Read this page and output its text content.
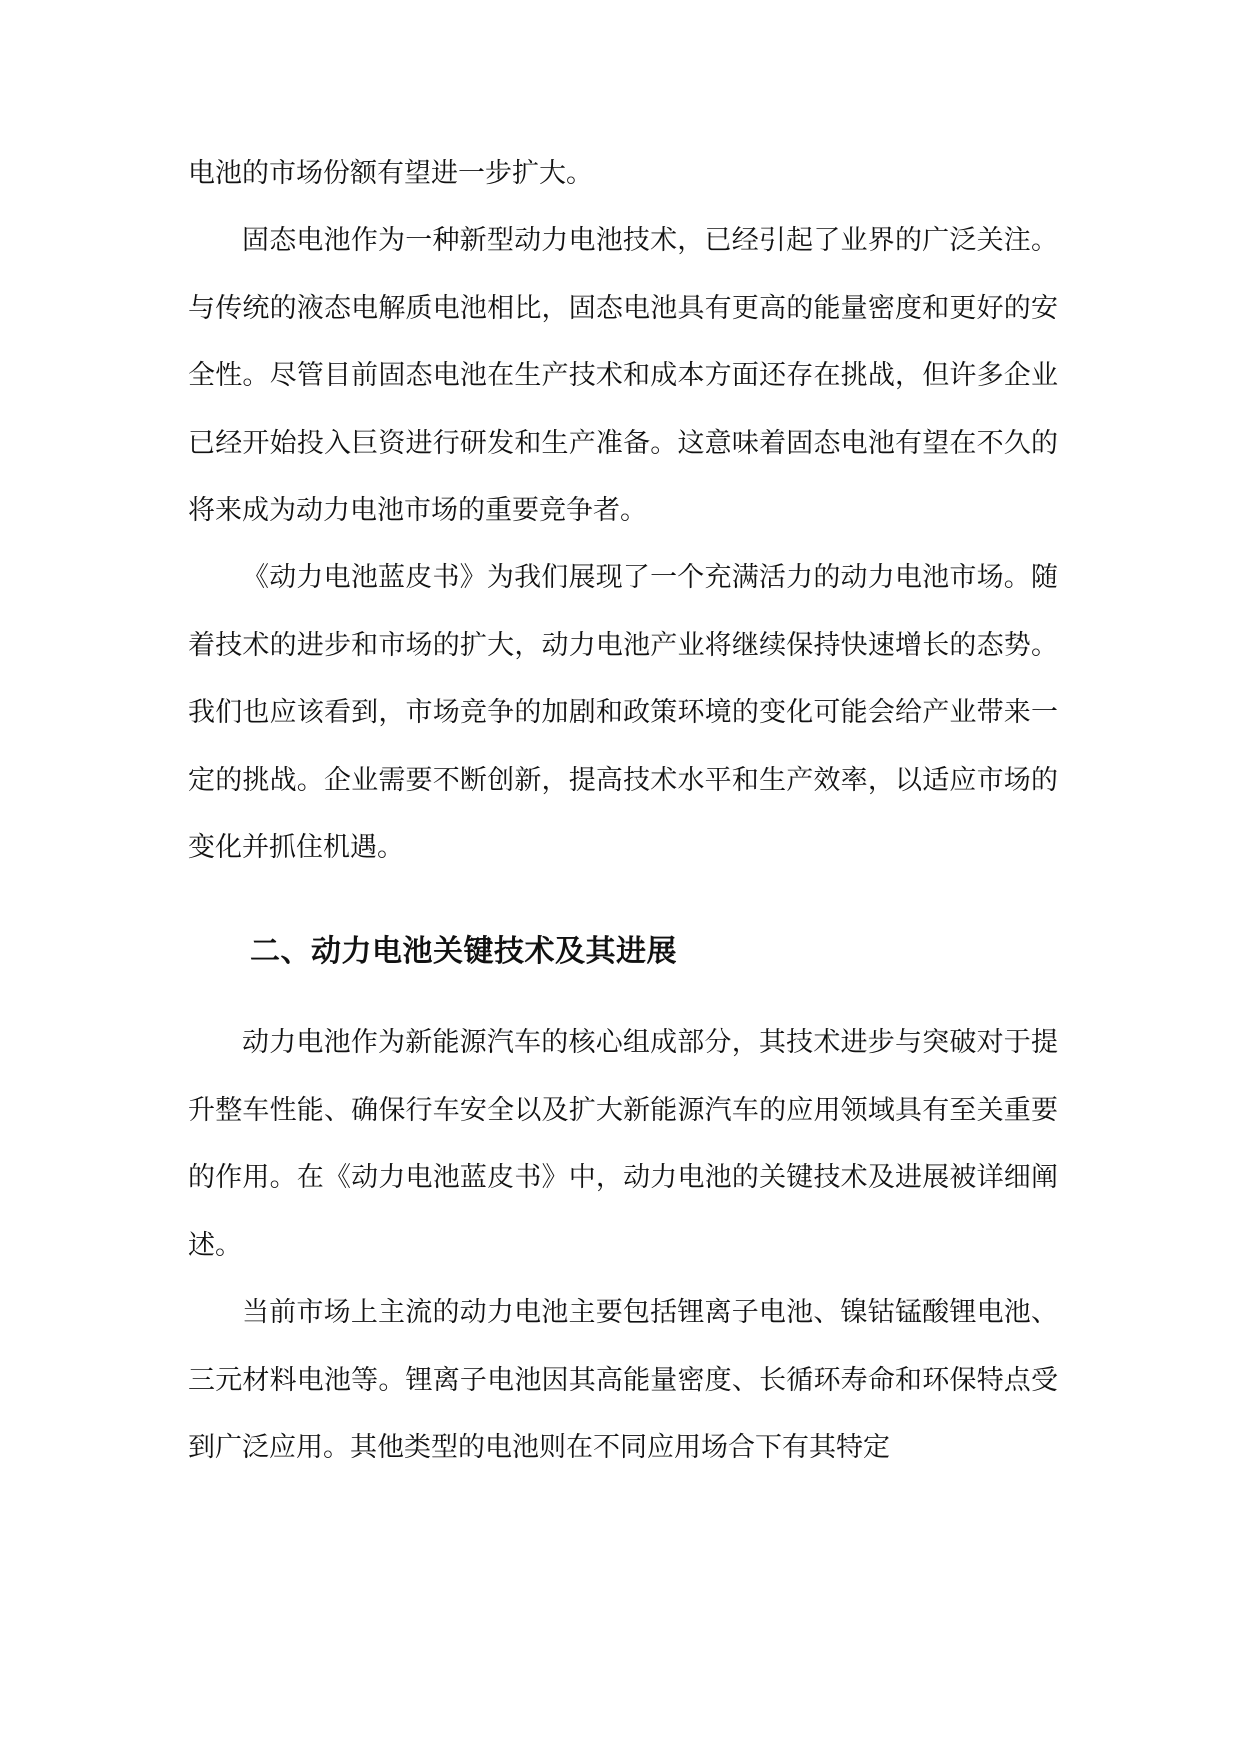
电池的市场份额有望进一步扩大。

固态电池作为一种新型动力电池技术，已经引起了业界的广泛关注。与传统的液态电解质电池相比，固态电池具有更高的能量密度和更好的安全性。尽管目前固态电池在生产技术和成本方面还存在挑战，但许多企业已经开始投入巨资进行研发和生产准备。这意味着固态电池有望在不久的将来成为动力电池市场的重要竞争者。

《动力电池蓝皮书》为我们展现了一个充满活力的动力电池市场。随着技术的进步和市场的扩大，动力电池产业将继续保持快速增长的态势。我们也应该看到，市场竞争的加剧和政策环境的变化可能会给产业带来一定的挑战。企业需要不断创新，提高技术水平和生产效率，以适应市场的变化并抓住机遇。

二、动力电池关键技术及其进展

动力电池作为新能源汽车的核心组成部分，其技术进步与突破对于提升整车性能、确保行车安全以及扩大新能源汽车的应用领域具有至关重要的作用。在《动力电池蓝皮书》中，动力电池的关键技术及进展被详细阐述。

当前市场上主流的动力电池主要包括锂离子电池、镍钴锰酸锂电池、三元材料电池等。锂离子电池因其高能量密度、长循环寿命和环保特点受到广泛应用。其他类型的电池则在不同应用场合下有其特定
